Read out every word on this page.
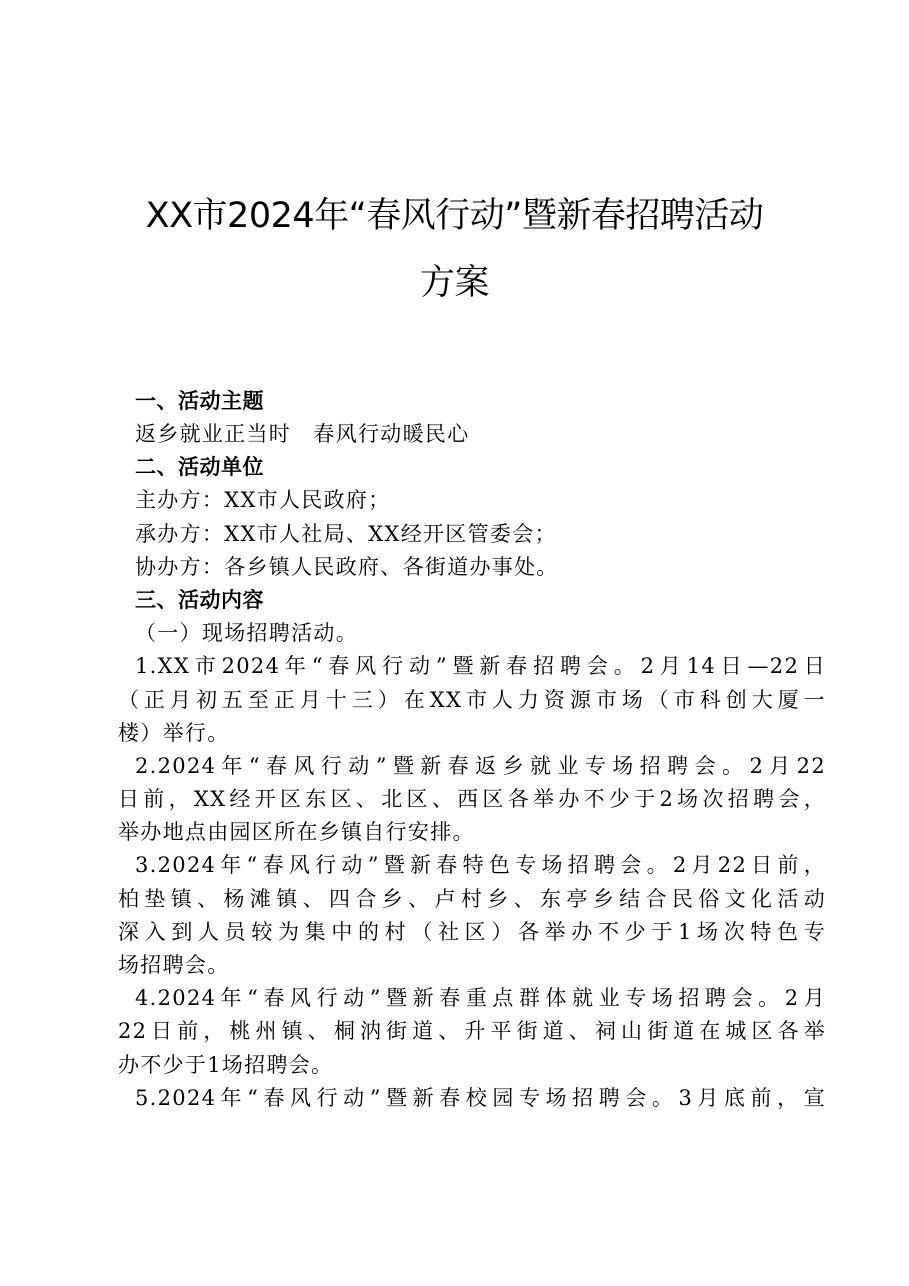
XX市2024年“春风行动”暨新春招聘活动
方案
一、活动主题
返乡就业正当时　春风行动暖民心
二、活动单位
主办方：XX市人民政府；
承办方：XX市人社局、XX经开区管委会；
协办方：各乡镇人民政府、各街道办事处。
三、活动内容
（一）现场招聘活动。
1.XX市2024年“春风行动”暨新春招聘会。2月14日—22日
（正月初五至正月十三）在XX市人力资源市场（市科创大厦一
楼）举行。
2.2024年“春风行动”暨新春返乡就业专场招聘会。2月22
日前，XX经开区东区、北区、西区各举办不少于2场次招聘会，
举办地点由园区所在乡镇自行安排。
3.2024年“春风行动”暨新春特色专场招聘会。2月22日前，
柏垫镇、杨滩镇、四合乡、卢村乡、东亭乡结合民俗文化活动
深入到人员较为集中的村（社区）各举办不少于1场次特色专
场招聘会。
4.2024年“春风行动”暨新春重点群体就业专场招聘会。2月
22日前，桃州镇、桐汭街道、升平街道、祠山街道在城区各举
办不少于1场招聘会。
5.2024年“春风行动”暨新春校园专场招聘会。3月底前，宣
